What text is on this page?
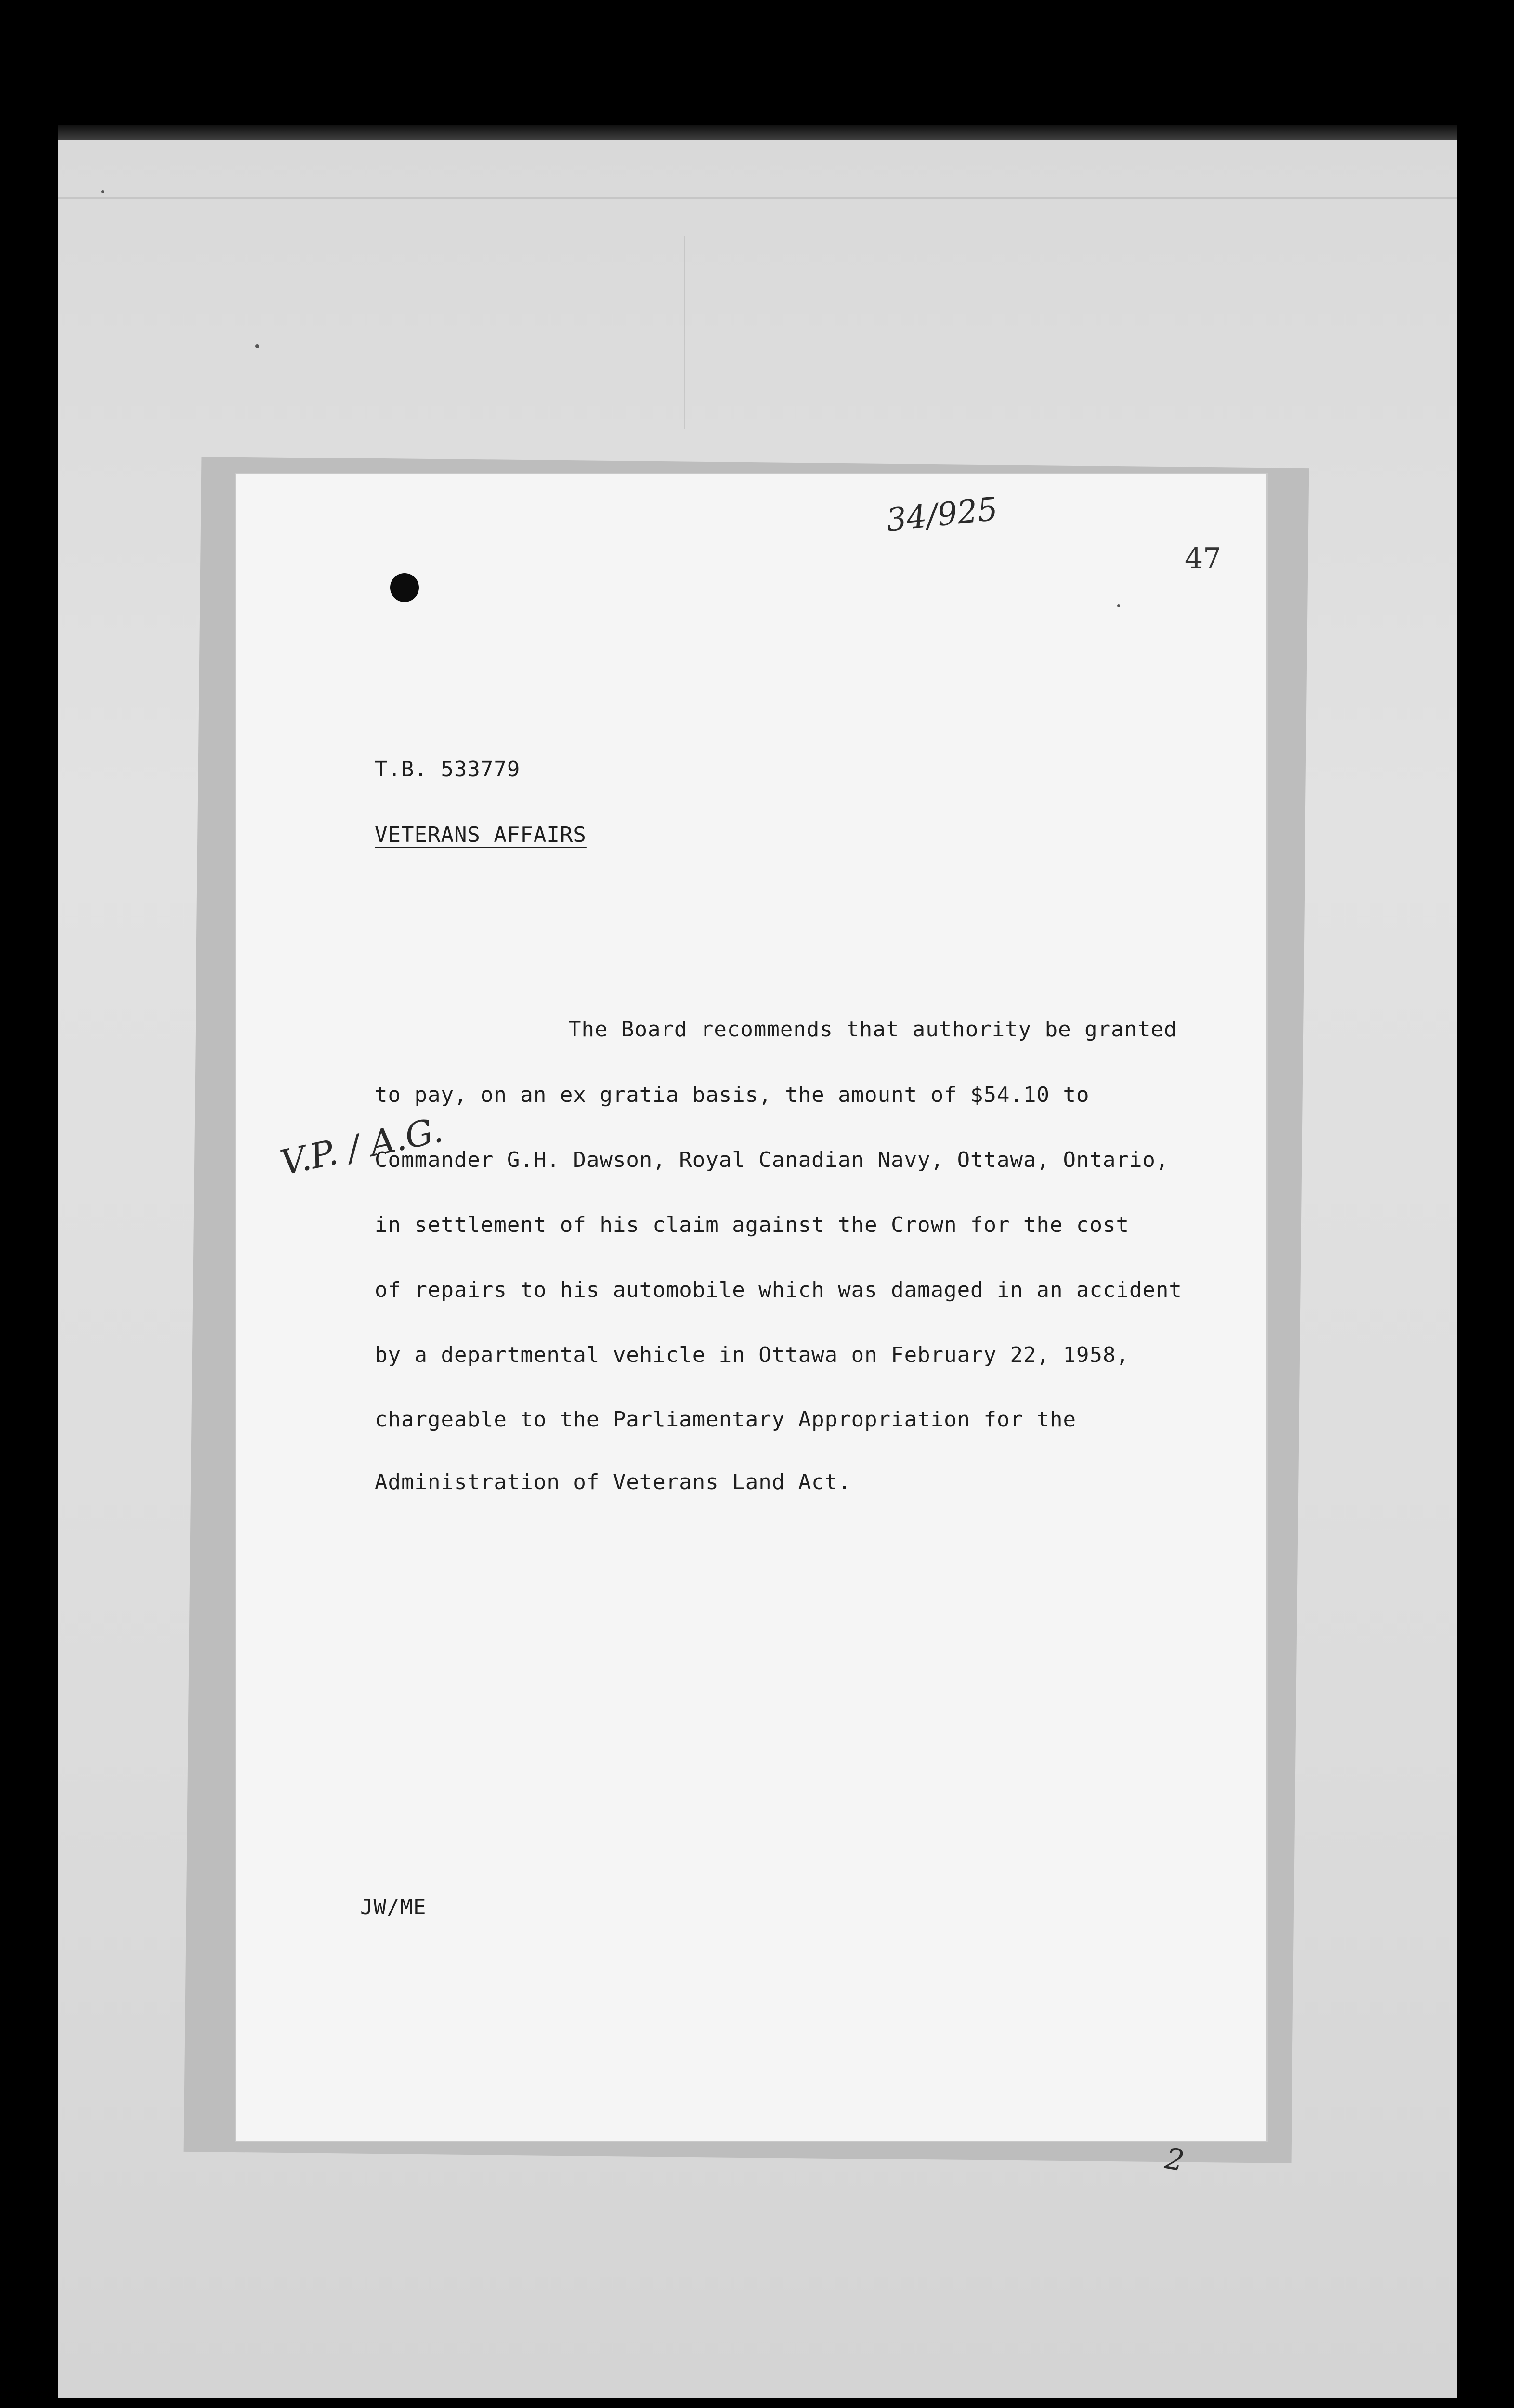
34/925
47
T.B. 533779
VETERANS AFFAIRS
The Board recommends that authority be granted
to pay, on an ex gratia basis, the amount of $54.10 to
Commander G.H. Dawson, Royal Canadian Navy, Ottawa, Ontario,
in settlement of his claim against the Crown for the cost
of repairs to his automobile which was damaged in an accident
by a departmental vehicle in Ottawa on February 22, 1958,
chargeable to the Parliamentary Appropriation for the
Administration of Veterans Land Act.
V.P. / A.G.
JW/ME
2
